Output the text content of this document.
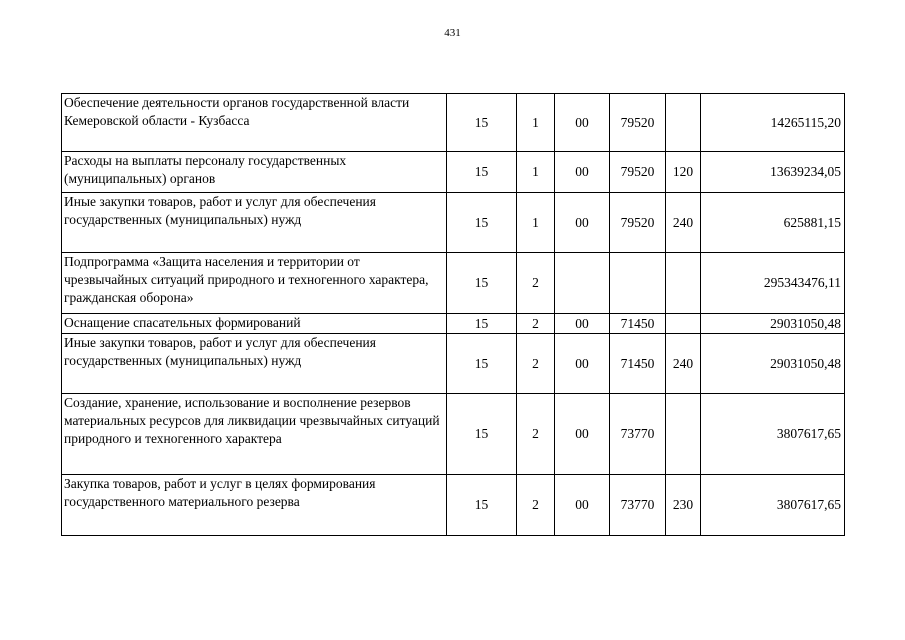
431
Обеспечение деятельности органов государственной власти Кемеровской области - Кузбасса	15	1	00	79520		14265115,20
Расходы на выплаты персоналу государственных (муниципальных) органов	15	1	00	79520	120	13639234,05
Иные закупки товаров, работ и услуг для обеспечения государственных (муниципальных) нужд	15	1	00	79520	240	625881,15
Подпрограмма «Защита населения и территории от чрезвычайных ситуаций природного и техногенного характера, гражданская оборона»	15	2				295343476,11
Оснащение спасательных формирований	15	2	00	71450		29031050,48
Иные закупки товаров, работ и услуг для обеспечения государственных (муниципальных) нужд	15	2	00	71450	240	29031050,48
Создание, хранение, использование и восполнение резервов материальных ресурсов для ликвидации чрезвычайных ситуаций природного и техногенного характера	15	2	00	73770		3807617,65
Закупка товаров, работ и услуг в целях формирования государственного материального резерва	15	2	00	73770	230	3807617,65
